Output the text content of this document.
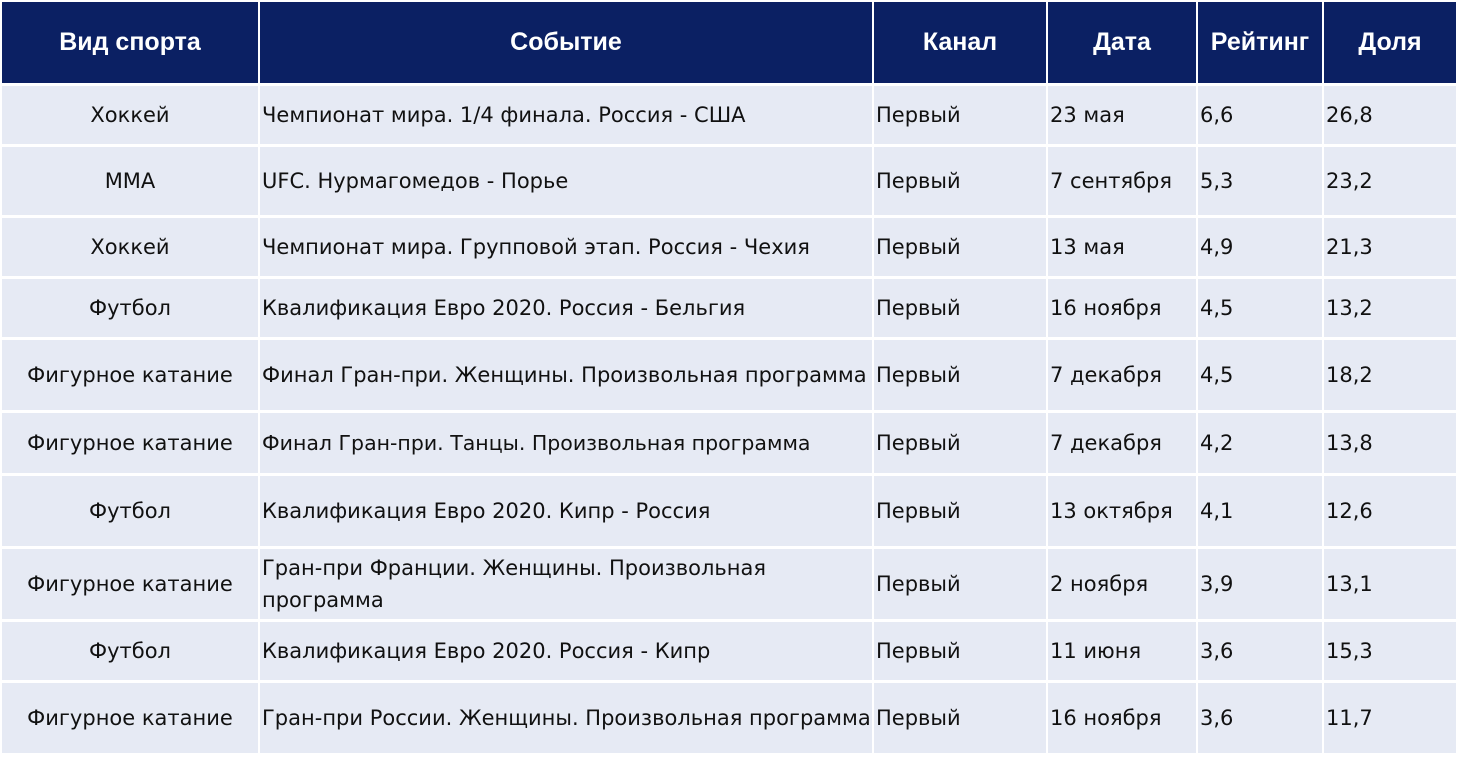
Вид спорта	Событие	Канал	Дата	Рейтинг	Доля
Хоккей	Чемпионат мира. 1/4 финала. Россия - США	Первый	23 мая	6,6	26,8
MMA	UFC. Нурмагомедов - Порье	Первый	7 сентября	5,3	23,2
Хоккей	Чемпионат мира. Групповой этап. Россия - Чехия	Первый	13 мая	4,9	21,3
Футбол	Квалификация Евро 2020. Россия - Бельгия	Первый	16 ноября	4,5	13,2
Фигурное катание	Финал Гран-при. Женщины. Произвольная программа	Первый	7 декабря	4,5	18,2
Фигурное катание	Финал Гран-при. Танцы. Произвольная программа	Первый	7 декабря	4,2	13,8
Футбол	Квалификация Евро 2020. Кипр - Россия	Первый	13 октября	4,1	12,6
Фигурное катание	Гран-при Франции. Женщины. Произвольная программа	Первый	2 ноября	3,9	13,1
Футбол	Квалификация Евро 2020. Россия - Кипр	Первый	11 июня	3,6	15,3
Фигурное катание	Гран-при России. Женщины. Произвольная программа	Первый	16 ноября	3,6	11,7
